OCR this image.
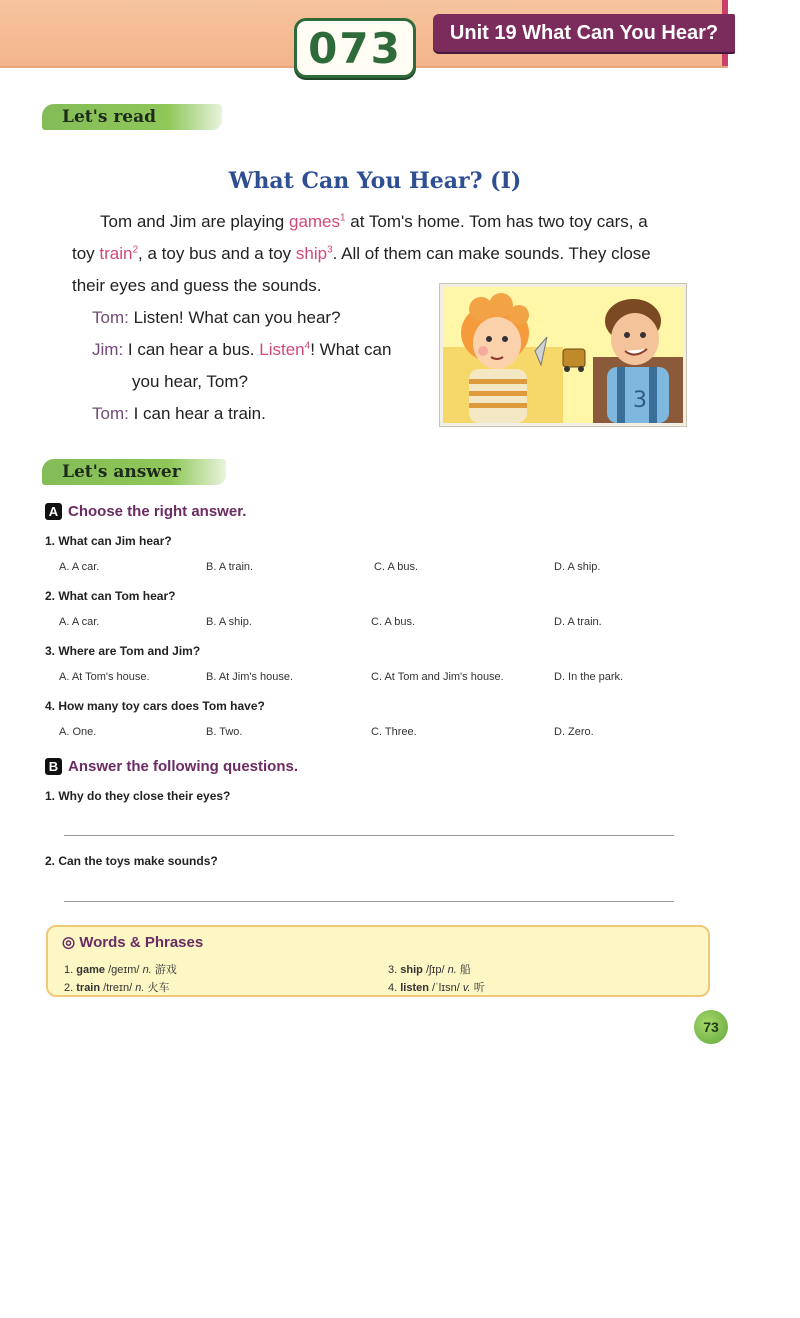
073	Unit 19 What Can You Hear?
Let's read
What Can You Hear? (I)
Tom and Jim are playing games$^1$ at Tom's home. Tom has two toy cars, a
toy train$^2$, a toy bus and a toy ship$^3$. All of them can make sounds. They close
their eyes and guess the sounds.
Tom: Listen! What can you hear?
Jim: I can hear a bus. Listen$^4$! What can
you hear, Tom?
Tom: I can hear a train.
3
Let's answer
A Choose the right answer.
1. What can Jim hear?
A. A car.	B. A train.	C. A bus.	D. A ship.
2. What can Tom hear?
A. A car.	B. A ship.	C. A bus.	D. A train.
3. Where are Tom and Jim?
A. At Tom's house.	B. At Jim's house.	C. At Tom and Jim's house.	D. In the park.
4. How many toy cars does Tom have?
A. One.	B. Two.	C. Three.	D. Zero.
B Answer the following questions.
1. Why do they close their eyes?
2. Can the toys make sounds?
◎ Words & Phrases
1. game /geɪm/ n. 游戏	3. ship /ʃɪp/ n. 船
2. train /treɪn/ n. 火车	4. listen /ˈlɪsn/ v. 听
73
